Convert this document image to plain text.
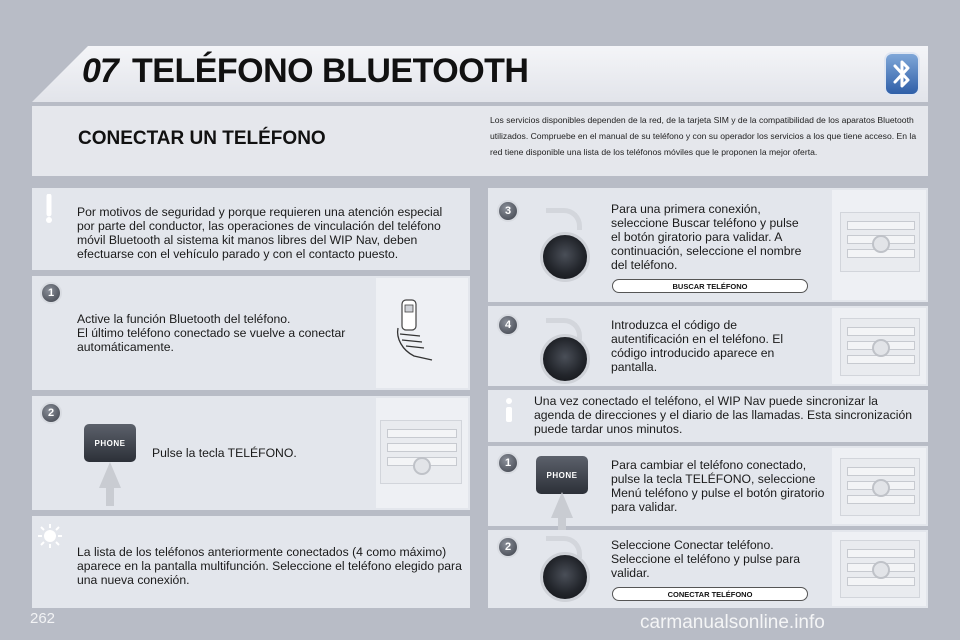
07 TELÉFONO BLUETOOTH
CONECTAR UN TELÉFONO
Los servicios disponibles dependen de la red, de la tarjeta SIM y de la compatibilidad de los aparatos Bluetooth utilizados. Compruebe en el manual de su teléfono y con su operador los servicios a los que tiene acceso. En la red tiene disponible una lista de los teléfonos móviles que le proponen la mejor oferta.
Por motivos de seguridad y porque requieren una atención especial por parte del conductor, las operaciones de vinculación del teléfono móvil Bluetooth al sistema kit manos libres del WIP Nav, deben efectuarse con el vehículo parado y con el contacto puesto.
1
Active la función Bluetooth del teléfono.
El último teléfono conectado se vuelve a conectar automáticamente.
2
PHONE
Pulse la tecla TELÉFONO.
La lista de los teléfonos anteriormente conectados (4 como máximo) aparece en la pantalla multifunción. Seleccione el teléfono elegido para una nueva conexión.
3	Para una primera conexión, seleccione Buscar teléfono y pulse el botón giratorio para validar. A continuación, seleccione el nombre del teléfono.
BUSCAR TELÉFONO
4	Introduzca el código de autentificación en el teléfono. El código introducido aparece en pantalla.
Una vez conectado el teléfono, el WIP Nav puede sincronizar la agenda de direcciones y el diario de las llamadas. Esta sincronización puede tardar unos minutos.
1
PHONE
Para cambiar el teléfono conectado, pulse la tecla TELÉFONO, seleccione Menú teléfono y pulse el botón giratorio para validar.
2	Seleccione Conectar teléfono. Seleccione el teléfono y pulse para validar.
CONECTAR TELÉFONO
262	carmanualsonline.info
